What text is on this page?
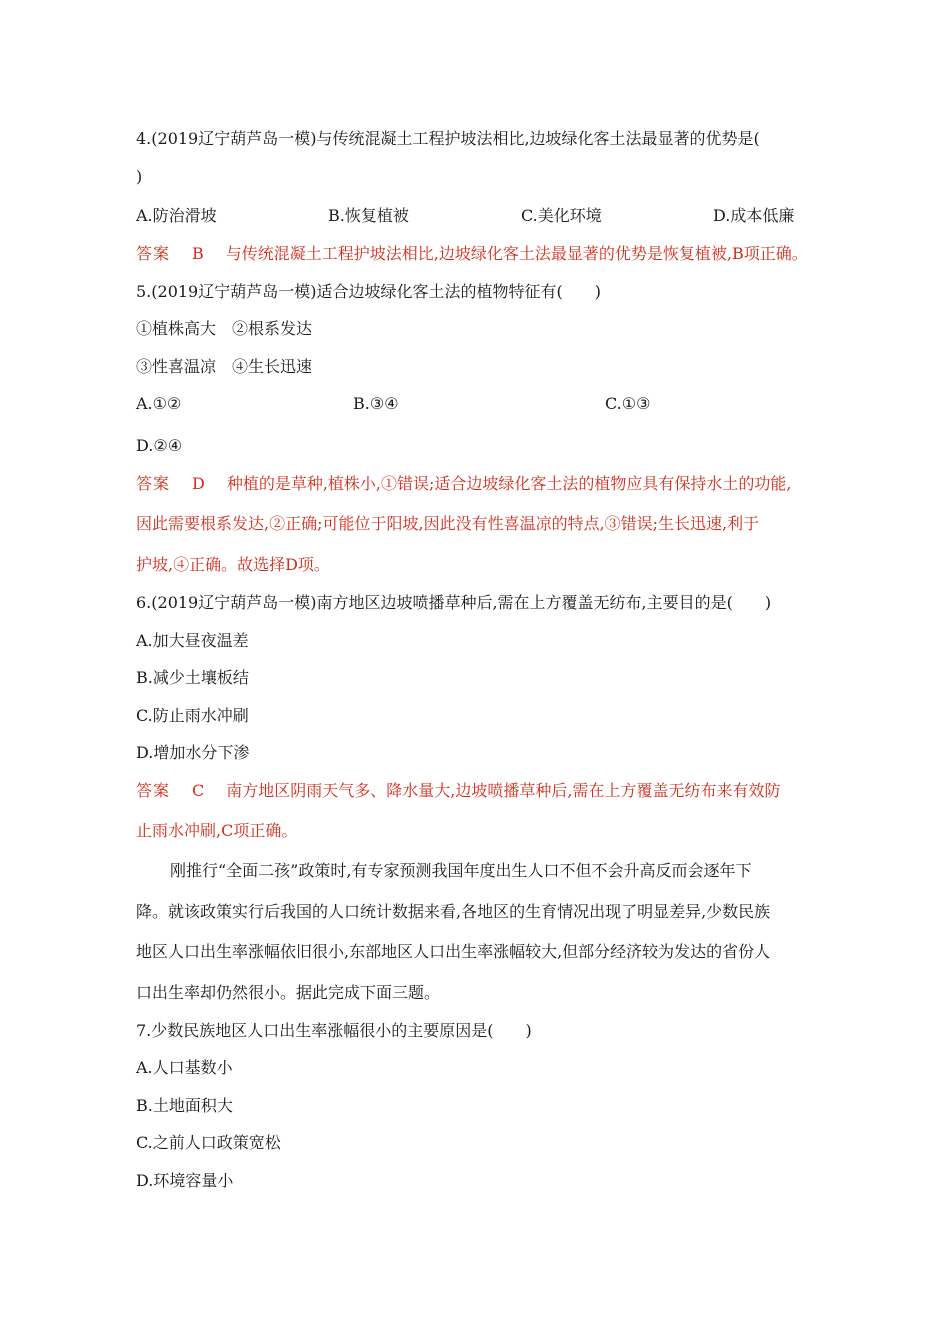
4.(2019辽宁葫芦岛一模)与传统混凝土工程护坡法相比,边坡绿化客土法最显著的优势是(
)
A.防治滑坡	B.恢复植被	C.美化环境	D.成本低廉
答案 B 与传统混凝土工程护坡法相比,边坡绿化客土法最显著的优势是恢复植被,B项正确。
5.(2019辽宁葫芦岛一模)适合边坡绿化客土法的植物特征有(　　)
①植株高大　②根系发达
③性喜温凉　④生长迅速
A.①②	B.③④	C.①③
D.②④
答案 D 种植的是草种,植株小,①错误;适合边坡绿化客土法的植物应具有保持水土的功能,
因此需要根系发达,②正确;可能位于阳坡,因此没有性喜温凉的特点,③错误;生长迅速,利于
护坡,④正确。故选择D项。
6.(2019辽宁葫芦岛一模)南方地区边坡喷播草种后,需在上方覆盖无纺布,主要目的是(　　)
A.加大昼夜温差
B.减少土壤板结
C.防止雨水冲刷
D.增加水分下渗
答案 C 南方地区阴雨天气多、降水量大,边坡喷播草种后,需在上方覆盖无纺布来有效防
止雨水冲刷,C项正确。
刚推行“全面二孩”政策时,有专家预测我国年度出生人口不但不会升高反而会逐年下
降。就该政策实行后我国的人口统计数据来看,各地区的生育情况出现了明显差异,少数民族
地区人口出生率涨幅依旧很小,东部地区人口出生率涨幅较大,但部分经济较为发达的省份人
口出生率却仍然很小。据此完成下面三题。
7.少数民族地区人口出生率涨幅很小的主要原因是(　　)
A.人口基数小
B.土地面积大
C.之前人口政策宽松
D.环境容量小
